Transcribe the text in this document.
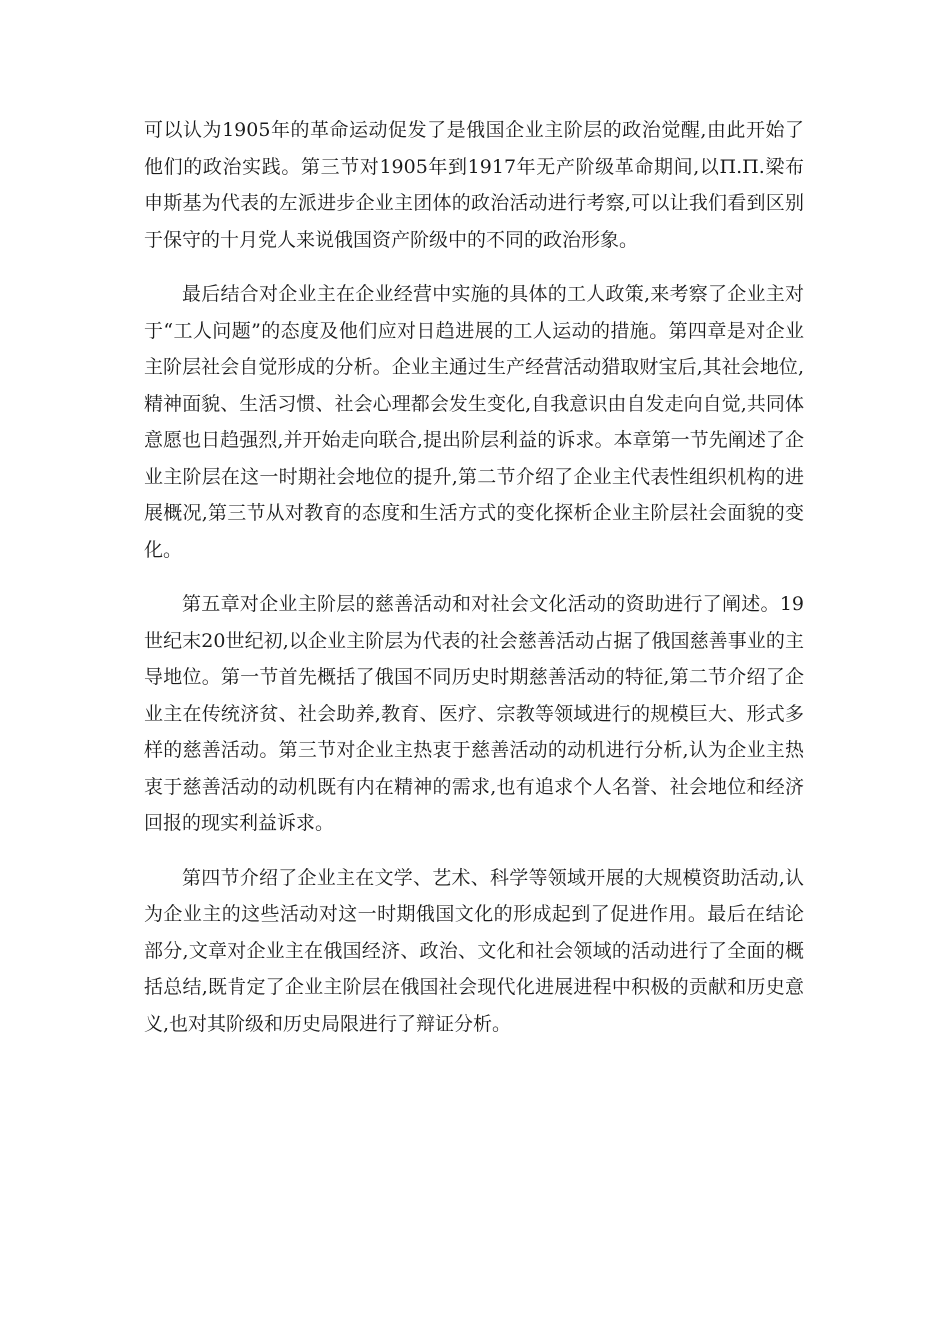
可以认为1905年的革命运动促发了是俄国企业主阶层的政治觉醒,由此开始了他们的政治实践。第三节对1905年到1917年无产阶级革命期间,以П.П.梁布申斯基为代表的左派进步企业主团体的政治活动进行考察,可以让我们看到区别于保守的十月党人来说俄国资产阶级中的不同的政治形象。

最后结合对企业主在企业经营中实施的具体的工人政策,来考察了企业主对于“工人问题”的态度及他们应对日趋进展的工人运动的措施。第四章是对企业主阶层社会自觉形成的分析。企业主通过生产经营活动猎取财宝后,其社会地位,精神面貌、生活习惯、社会心理都会发生变化,自我意识由自发走向自觉,共同体意愿也日趋强烈,并开始走向联合,提出阶层利益的诉求。本章第一节先阐述了企业主阶层在这一时期社会地位的提升,第二节介绍了企业主代表性组织机构的进展概况,第三节从对教育的态度和生活方式的变化探析企业主阶层社会面貌的变化。

第五章对企业主阶层的慈善活动和对社会文化活动的资助进行了阐述。19世纪末20世纪初,以企业主阶层为代表的社会慈善活动占据了俄国慈善事业的主导地位。第一节首先概括了俄国不同历史时期慈善活动的特征,第二节介绍了企业主在传统济贫、社会助养,教育、医疗、宗教等领域进行的规模巨大、形式多样的慈善活动。第三节对企业主热衷于慈善活动的动机进行分析,认为企业主热衷于慈善活动的动机既有内在精神的需求,也有追求个人名誉、社会地位和经济回报的现实利益诉求。

第四节介绍了企业主在文学、艺术、科学等领域开展的大规模资助活动,认为企业主的这些活动对这一时期俄国文化的形成起到了促进作用。最后在结论部分,文章对企业主在俄国经济、政治、文化和社会领域的活动进行了全面的概括总结,既肯定了企业主阶层在俄国社会现代化进展进程中积极的贡献和历史意义,也对其阶级和历史局限进行了辩证分析。
